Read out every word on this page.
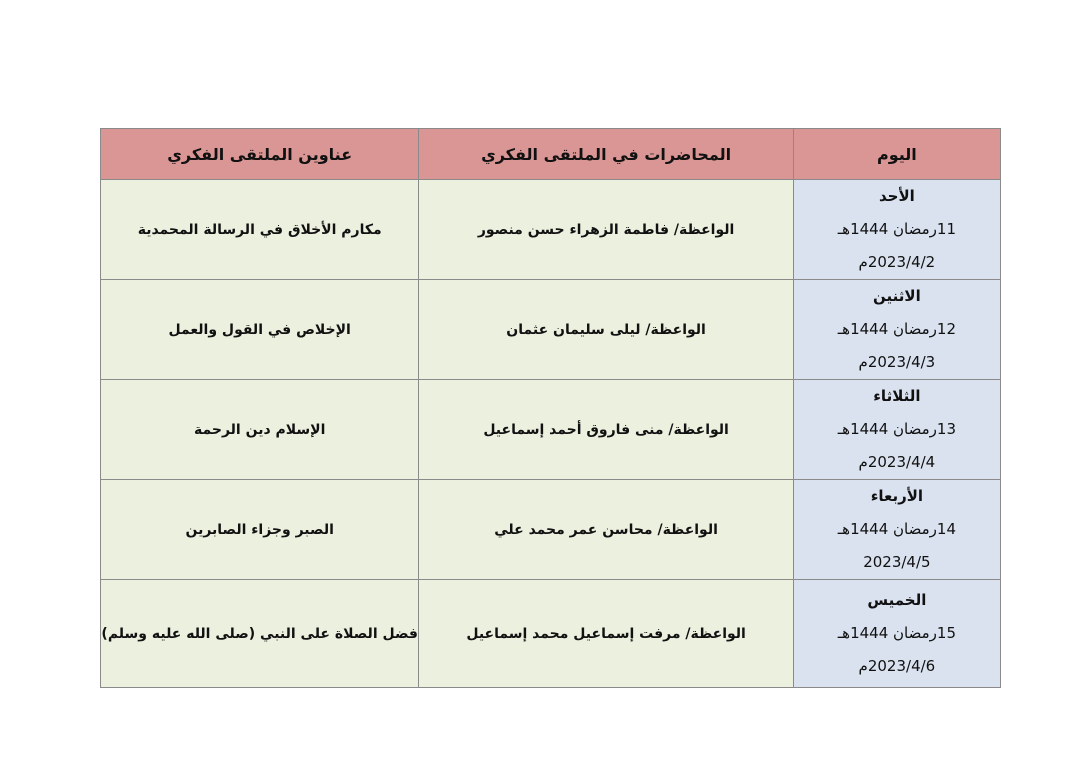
اليوم	المحاضرات في الملتقى الفكري	عناوين الملتقى الفكري

الأحد
11رمضان 1444هـ
2023/4/2م	الواعظة/ فاطمة الزهراء حسن منصور	مكارم الأخلاق في الرسالة المحمدية

الاثنين
12رمضان 1444هـ
2023/4/3م	الواعظة/ ليلى سليمان عثمان	الإخلاص في القول والعمل

الثلاثاء
13رمضان 1444هـ
2023/4/4م	الواعظة/ منى فاروق أحمد إسماعيل	الإسلام دين الرحمة

الأربعاء
14رمضان 1444هـ
2023/4/5	الواعظة/ محاسن عمر محمد علي	الصبر وجزاء الصابرين

الخميس
15رمضان 1444هـ
2023/4/6م	الواعظة/ مرفت إسماعيل محمد إسماعيل	فضل الصلاة على النبي (صلى الله عليه وسلم)
